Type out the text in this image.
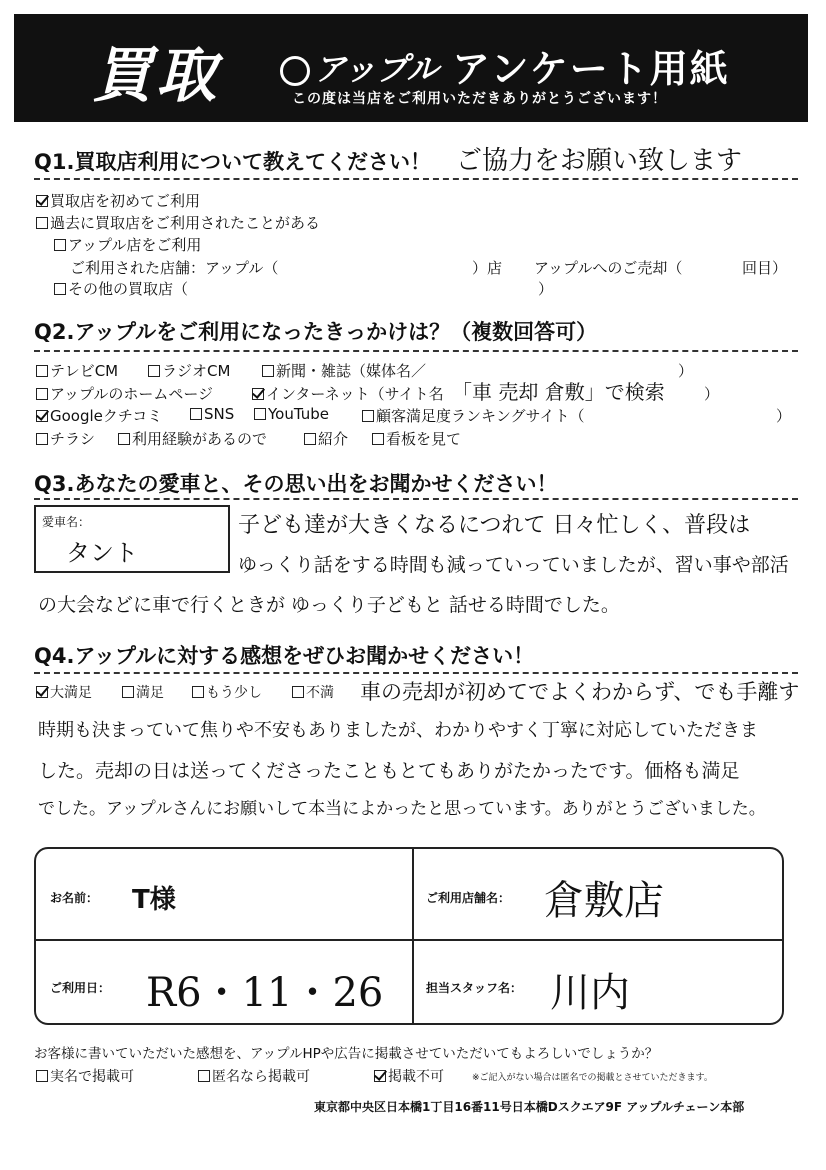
買取	アップル アンケート用紙
この度は当店をご利用いただきありがとうございます！
Q1.買取店利用について教えてください！ ご協力をお願い致します
買取店を初めてご利用
過去に買取店をご利用されたことがある
アップル店をご利用
ご利用された店舗：アップル（	）店 アップルへのご売却（	回目）
その他の買取店（	）
Q2.アップルをご利用になったきっかけは？（複数回答可）
テレビCM	ラジオCM	新聞・雑誌（媒体名／	）
アップルのホームページ	インターネット（サイト名 「車 売却 倉敷」で検索	）
Googleクチコミ	SNS	YouTube	顧客満足度ランキングサイト（	）
チラシ	利用経験があるので	紹介	看板を見て
Q3.あなたの愛車と、その思い出をお聞かせください！
愛車名：
タント
子ども達が大きくなるにつれて 日々忙しく、普段は
ゆっくり話をする時間も減っていっていましたが、習い事や部活
の大会などに車で行くときが ゆっくり子どもと 話せる時間でした。
Q4.アップルに対する感想をぜひお聞かせください！
大満足	満足	もう少し	不満 車の売却が初めてでよくわからず、でも手離す
時期も決まっていて焦りや不安もありましたが、わかりやすく丁寧に対応していただきま
した。売却の日は送ってくださったこともとてもありがたかったです。価格も満足
でした。アップルさんにお願いして本当によかったと思っています。ありがとうございました。
お名前： T様	ご利用店舗名： 倉敷店
ご利用日： R6・11・26	担当スタッフ名： 川内
お客様に書いていただいた感想を、アップルHPや広告に掲載させていただいてもよろしいでしょうか？
実名で掲載可	匿名なら掲載可	掲載不可	※ご記入がない場合は匿名での掲載とさせていただきます。
東京都中央区日本橋1丁目16番11号日本橋Dスクエア9F アップルチェーン本部
